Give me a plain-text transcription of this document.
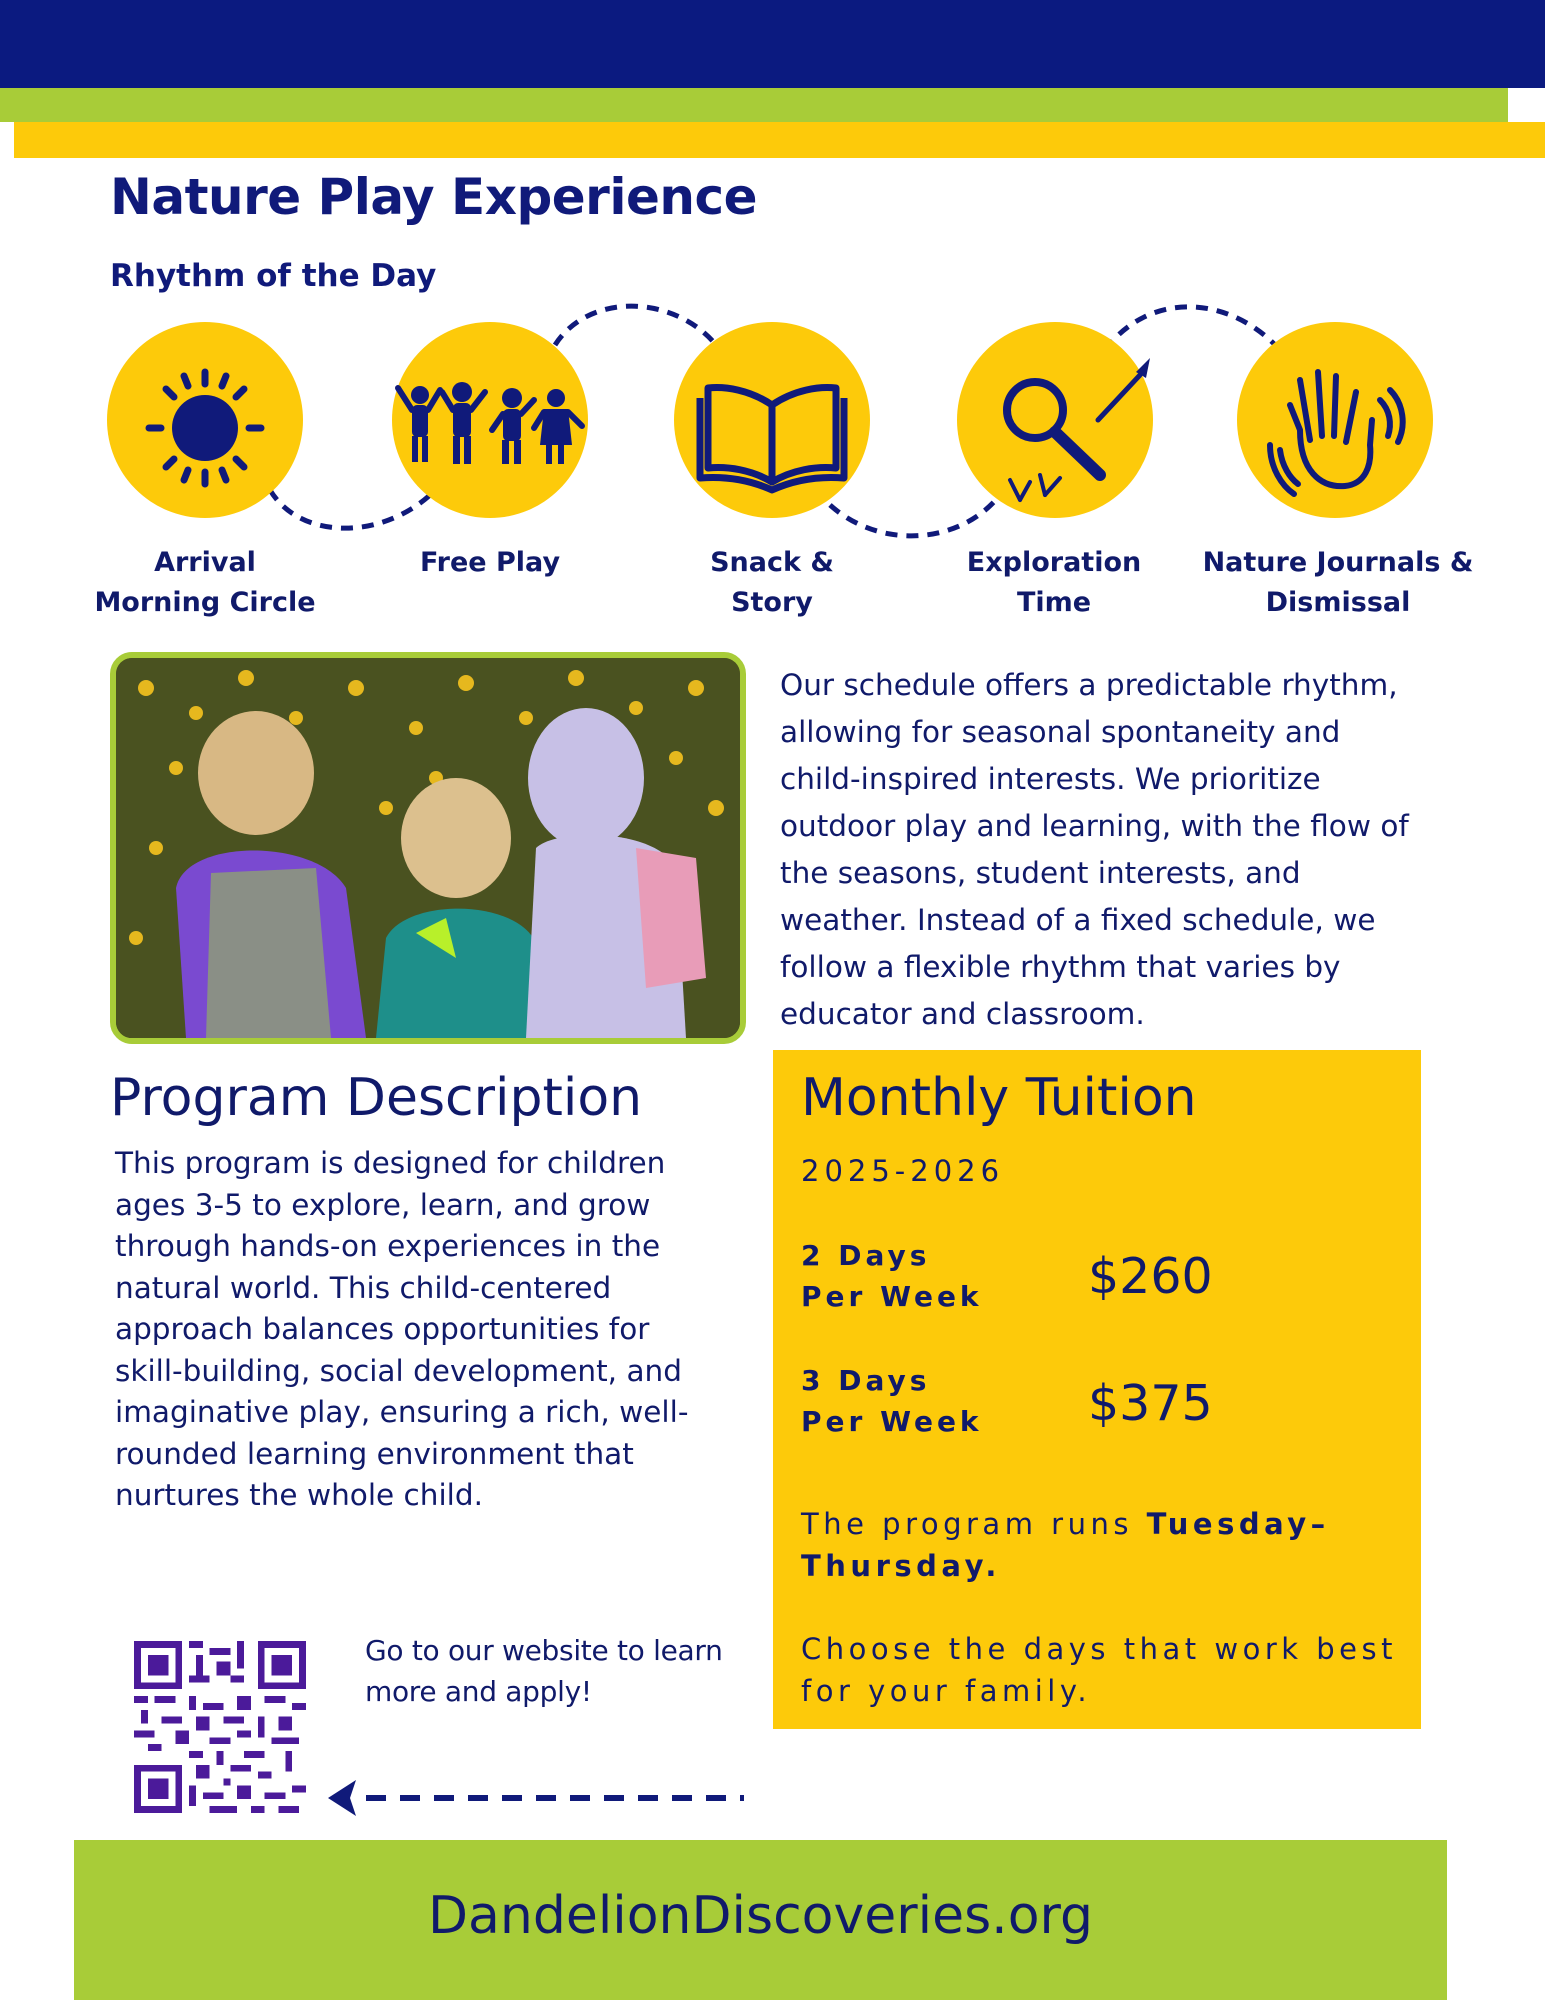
Nature Play Experience
Rhythm of the Day
Arrival
Morning Circle
Free Play	Snack &
Story
Exploration
Time
Nature Journals &
Dismissal

Our schedule offers a predictable rhythm, allowing for seasonal spontaneity and child-inspired interests. We prioritize outdoor play and learning, with the flow of the seasons, student interests, and weather. Instead of a fixed schedule, we follow a flexible rhythm that varies by educator and classroom.

Program Description

This program is designed for children ages 3-5 to explore, learn, and grow through hands-on experiences in the natural world. This child-centered approach balances opportunities for skill-building, social development, and imaginative play, ensuring a rich, well-rounded learning environment that nurtures the whole child.

Monthly Tuition
2025-2026
2 Days
Per Week	$260
3 Days
Per Week	$375
The program runs Tuesday–Thursday.
Choose the days that work best for your family.

Go to our website to learn more and apply!

DandelionDiscoveries.org
